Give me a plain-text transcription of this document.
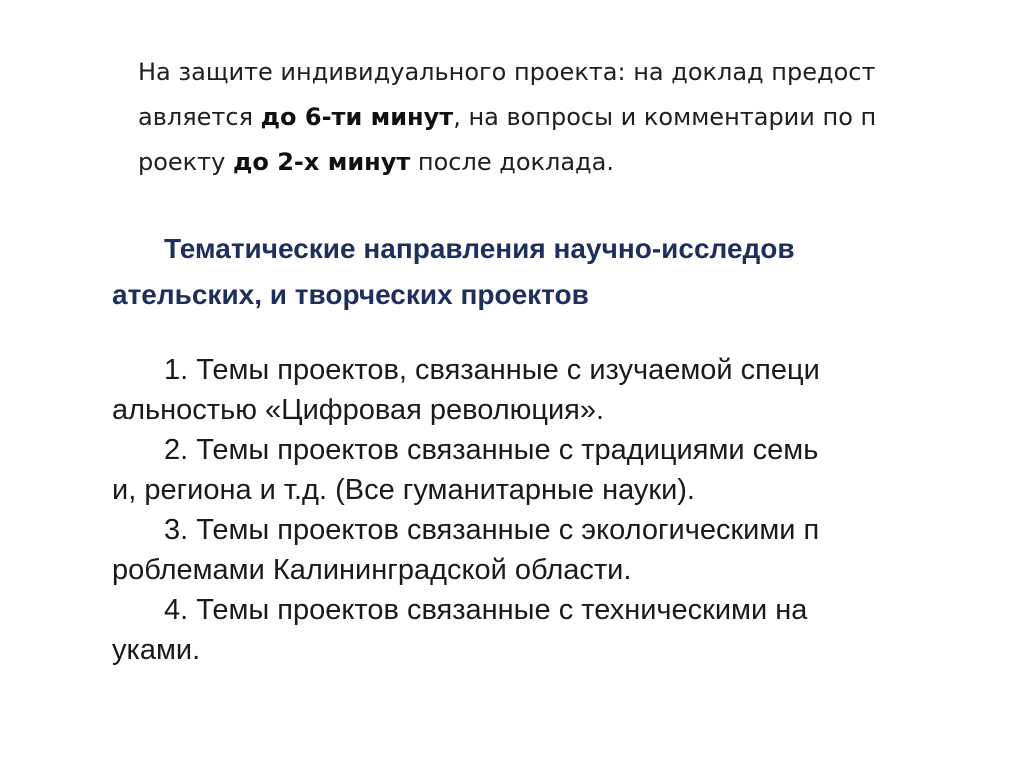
На защите индивидуального проекта: на доклад предост

авляется до 6-ти минут, на вопросы и комментарии по п

роекту до 2-х минут после доклада.

Тематические направления научно-исследов
ательских, и творческих проектов
1. Темы проектов, связанные с изучаемой специ
альностью «Цифровая революция».
2. Темы проектов связанные с традициями семь
и, региона и т.д. (Все гуманитарные науки).
3. Темы проектов связанные с экологическими п
роблемами Калининградской области.
4. Темы проектов связанные с техническими на
уками.
